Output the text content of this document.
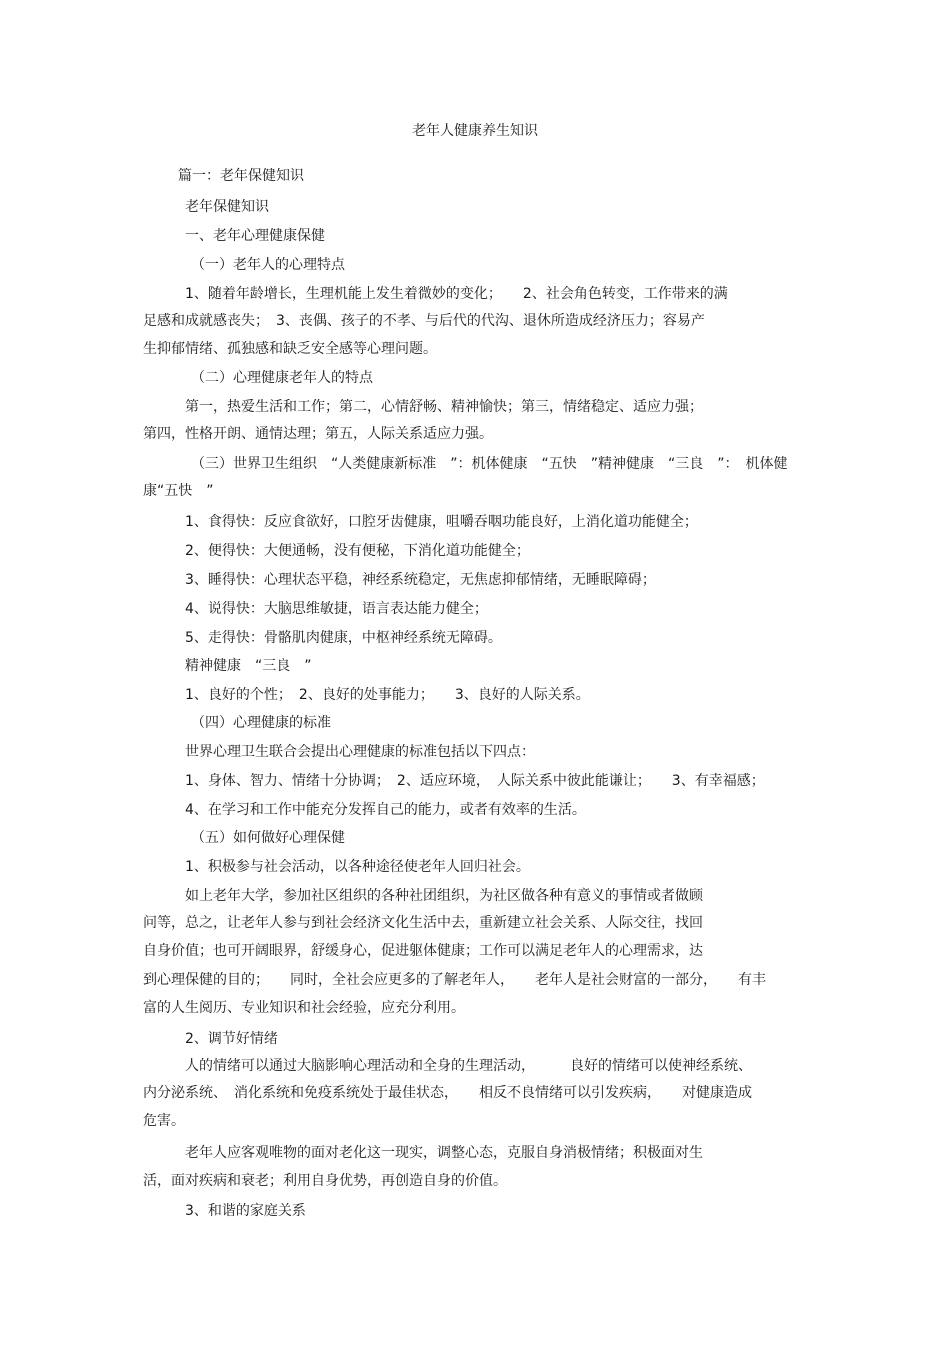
老年人健康养生知识
篇一：老年保健知识
老年保健知识
一、老年心理健康保健
（一）老年人的心理特点
1、随着年龄增长，生理机能上发生着微妙的变化；　　2、社会角色转变，工作带来的满
足感和成就感丧失；　3、丧偶、孩子的不孝、与后代的代沟、退休所造成经济压力；容易产
生抑郁情绪、孤独感和缺乏安全感等心理问题。
（二）心理健康老年人的特点
第一，热爱生活和工作；第二，心情舒畅、精神愉快；第三，情绪稳定、适应力强；
第四，性格开朗、通情达理；第五，人际关系适应力强。
（三）世界卫生组织　“人类健康新标准　”：机体健康　“五快　”精神健康　“三良　”：　机体健
康“五快　”
1、食得快：反应食欲好，口腔牙齿健康，咀嚼吞咽功能良好，上消化道功能健全；
2、便得快：大便通畅，没有便秘，下消化道功能健全；
3、睡得快：心理状态平稳，神经系统稳定，无焦虑抑郁情绪，无睡眠障碍；
4、说得快：大脑思维敏捷，语言表达能力健全；
5、走得快：骨骼肌肉健康，中枢神经系统无障碍。
精神健康　“三良　”
1、良好的个性；　2、良好的处事能力；　　3、良好的人际关系。
（四）心理健康的标准
世界心理卫生联合会提出心理健康的标准包括以下四点：
1、身体、智力、情绪十分协调；　2、适应环境，　人际关系中彼此能谦让；　　3、有幸福感；
4、在学习和工作中能充分发挥自己的能力，或者有效率的生活。
（五）如何做好心理保健
1、积极参与社会活动，以各种途径使老年人回归社会。
如上老年大学，参加社区组织的各种社团组织，为社区做各种有意义的事情或者做顾
问等，总之，让老年人参与到社会经济文化生活中去，重新建立社会关系、人际交往，找回
自身价值；也可开阔眼界，舒缓身心，促进躯体健康；工作可以满足老年人的心理需求，达
到心理保健的目的；　　同时，全社会应更多的了解老年人，　　老年人是社会财富的一部分，　　有丰
富的人生阅历、专业知识和社会经验，应充分利用。
2、调节好情绪
人的情绪可以通过大脑影响心理活动和全身的生理活动，　　　良好的情绪可以使神经系统、
内分泌系统、　消化系统和免疫系统处于最佳状态，　　相反不良情绪可以引发疾病，　　对健康造成
危害。
老年人应客观唯物的面对老化这一现实，调整心态，克服自身消极情绪；积极面对生
活，面对疾病和衰老；利用自身优势，再创造自身的价值。
3、和谐的家庭关系
